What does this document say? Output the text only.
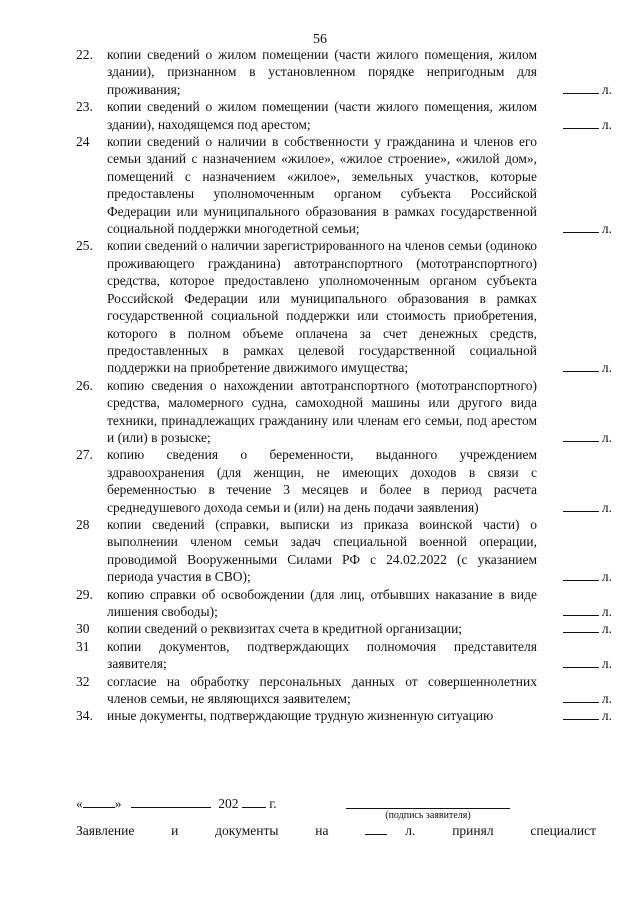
56
22. копии сведений о жилом помещении (части жилого помещения, жилом здании), признанном в установленном порядке непригодным для проживания;	л.
23. копии сведений о жилом помещении (части жилого помещения, жилом здании), находящемся под арестом;	л.
24 копии сведений о наличии в собственности у гражданина и членов его семьи зданий с назначением «жилое», «жилое строение», «жилой дом», помещений с назначением «жилое», земельных участков, которые предоставлены уполномоченным органом субъекта Российской Федерации или муниципального образования в рамках государственной социальной поддержки многодетной семьи;	л.
25. копии сведений о наличии зарегистрированного на членов семьи (одиноко проживающего гражданина) автотранспортного (мототранспортного) средства, которое предоставлено уполномоченным органом субъекта Российской Федерации или муниципального образования в рамках государственной социальной поддержки или стоимость приобретения, которого в полном объеме оплачена за счет денежных средств, предоставленных в рамках целевой государственной социальной поддержки на приобретение движимого имущества;	л.
26. копию сведения о нахождении автотранспортного (мототранспортного) средства, маломерного судна, самоходной машины или другого вида техники, принадлежащих гражданину или членам его семьи, под арестом и (или) в розыске;	л.
27. копию сведения о беременности, выданного учреждением здравоохранения (для женщин, не имеющих доходов в связи с беременностью в течение 3 месяцев и более в период расчета среднедушевого дохода семьи и (или) на день подачи заявления)	л.
28 копии сведений (справки, выписки из приказа воинской части) о выполнении членом семьи задач специальной военной операции, проводимой Вооруженными Силами РФ с 24.02.2022 (с указанием периода участия в СВО);	л.
29. копию справки об освобождении (для лиц, отбывших наказание в виде лишения свободы);	л.
30 копии сведений о реквизитах счета в кредитной организации;	л.
31 копии документов, подтверждающих полномочия представителя заявителя;	л.
32 согласие на обработку персональных данных от совершеннолетних членов семьи, не являющихся заявителем;	л.
34. иные документы, подтверждающие трудную жизненную ситуацию	л.
« »	202 г.
(подпись заявителя)
Заявление	и	документы	на	л.	принял	специалист
